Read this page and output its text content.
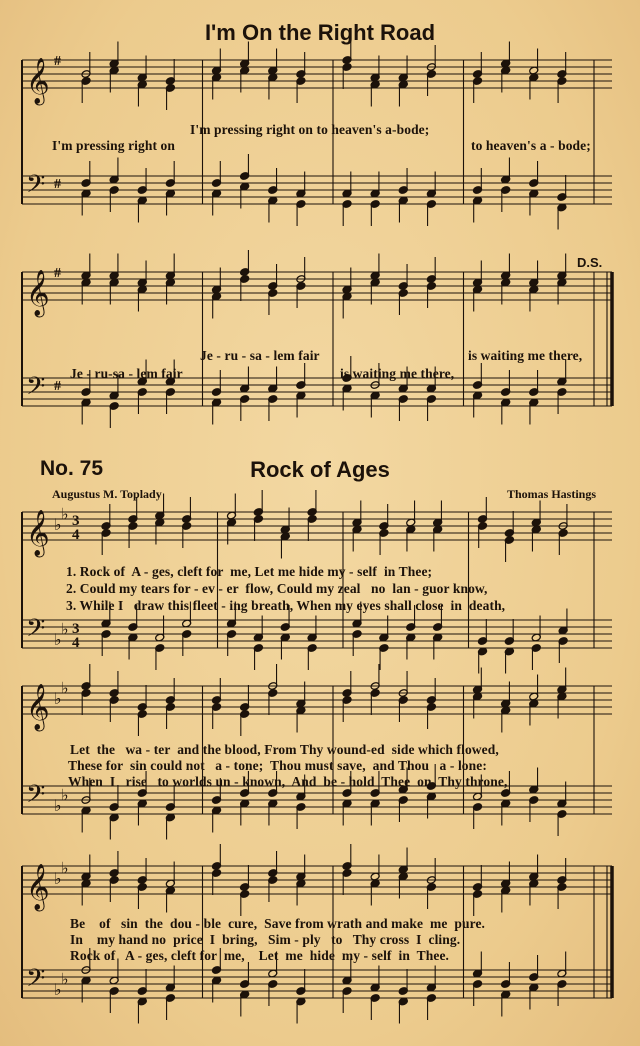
I'm On the Right Road
𝄞
𝄢
#
#
I'm pressing right on to heaven's a-bode;
I'm pressing right on	to heaven's a - bode;
D.S.
𝄞
𝄢
#
#
Je - ru - sa - lem fair	is waiting me there,
Je - ru-sa - lem fair	is waiting me there,
No. 75	Rock of Ages
Augustus M. Toplady	Thomas Hastings
𝄞
𝄢
♭
♭
♭
♭
3
4
3
4
1. Rock of  A - ges, cleft for  me, Let me hide my - self  in Thee;
2. Could my tears for - ev - er  flow, Could my zeal   no  lan - guor know,
3. While I   draw this fleet - ing breath, When my eyes shall close  in  death,
𝄞
𝄢
♭
♭
♭
♭
Let  the   wa - ter  and the blood, From Thy wound-ed  side which flowed,
These for  sin could not   a - tone;  Thou must save,  and Thou   a - lone:
When  I   rise   to worlds un - known,  And  be - hold  Thee  on  Thy throne,
𝄞
𝄢
♭
♭
♭
♭
Be    of   sin  the  dou - ble  cure,  Save from wrath and make  me  pure.
In    my hand no  price  I  bring,   Sim - ply   to   Thy cross  I  cling.
Rock of   A - ges, cleft for  me,    Let  me  hide  my - self  in  Thee.
